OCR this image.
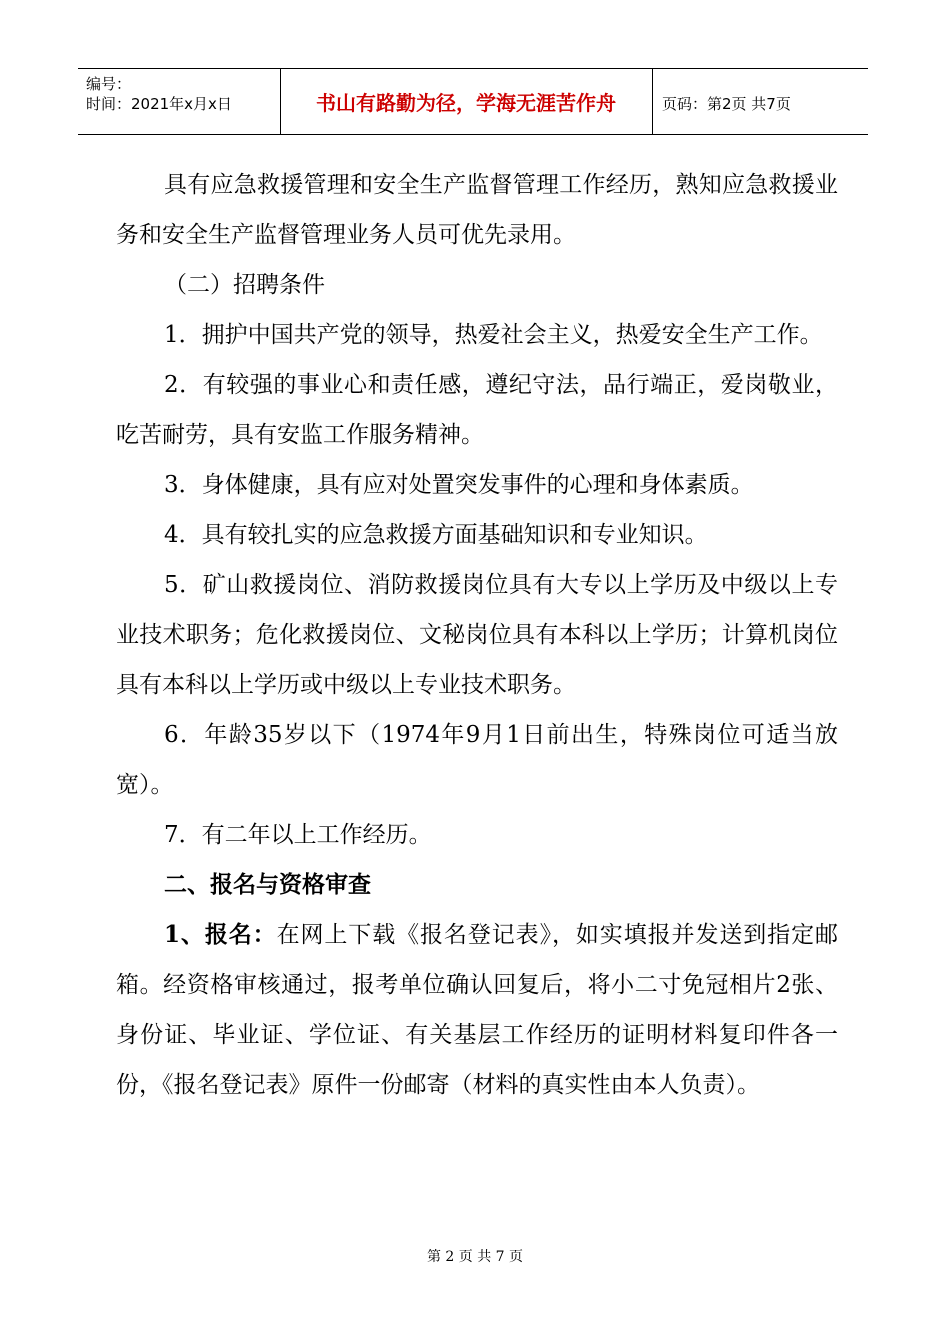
编号：
时间：2021年x月x日	书山有路勤为径，学海无涯苦作舟	页码：第2页 共7页

具有应急救援管理和安全生产监督管理工作经历，熟知应急救援业务和安全生产监督管理业务人员可优先录用。

（二）招聘条件

1．拥护中国共产党的领导，热爱社会主义，热爱安全生产工作。

2．有较强的事业心和责任感，遵纪守法，品行端正，爱岗敬业，吃苦耐劳，具有安监工作服务精神。

3．身体健康，具有应对处置突发事件的心理和身体素质。

4．具有较扎实的应急救援方面基础知识和专业知识。

5．矿山救援岗位、消防救援岗位具有大专以上学历及中级以上专业技术职务；危化救援岗位、文秘岗位具有本科以上学历；计算机岗位具有本科以上学历或中级以上专业技术职务。

6．年龄35岁以下（1974年9月1日前出生，特殊岗位可适当放宽）。

7．有二年以上工作经历。

二、报名与资格审查

1、报名：在网上下载《报名登记表》，如实填报并发送到指定邮箱。经资格审核通过，报考单位确认回复后，将小二寸免冠相片2张、身份证、毕业证、学位证、有关基层工作经历的证明材料复印件各一份，《报名登记表》原件一份邮寄（材料的真实性由本人负责）。

第 2 页 共 7 页
